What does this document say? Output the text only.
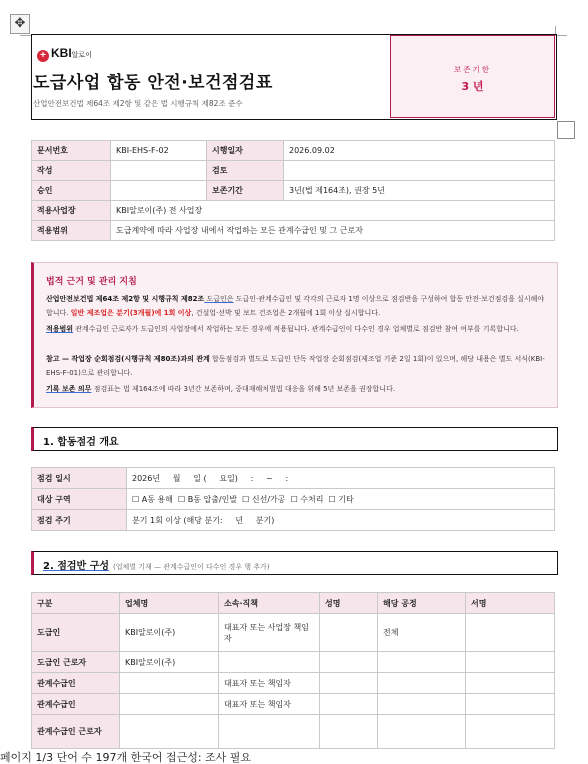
✥
+ KBI알로이
도급사업 합동 안전·보건점검표
산업안전보건법 제64조 제2항 및 같은 법 시행규칙 제82조 준수
보존기한
3 년
문서번호	KBI-EHS-F-02	시행일자	2026.09.02
작성		검토	
승인		보존기간	3년(법 제164조), 권장 5년
적용사업장	KBI알로이(주) 전 사업장		
적용범위	도급계약에 따라 사업장 내에서 작업하는 모든 관계수급인 및 그 근로자		
법적 근거 및 관리 지침
산업안전보건법 제64조 제2항 및 시행규칙 제82조 도급인은 도급인·관계수급인 및 각각의 근로자 1명 이상으로 점검반을 구성하여 합동 안전·보건점검을 실시해야 합니다. 일반 제조업은 분기(3개월)에 1회 이상, 건설업·선박 및 보트 건조업은 2개월에 1회 이상 실시합니다.
적용범위 관계수급인 근로자가 도급인의 사업장에서 작업하는 모든 경우에 적용됩니다. 관계수급인이 다수인 경우 업체별로 점검반 참여 여부를 기록합니다.
참고 — 작업장 순회점검(시행규칙 제80조)과의 관계 합동점검과 별도로 도급인 단독 작업장 순회점검(제조업 기준 2일 1회)이 있으며, 해당 내용은 별도 서식(KBI-EHS-F-01)으로 관리합니다.
기록 보존 의무 점검표는 법 제164조에 따라 3년간 보존하며, 중대재해처벌법 대응을 위해 5년 보존을 권장합니다.
1. 합동점검 개요
점검 일시	2026년     월     일 (     요일)     :     ~     :
대상 구역	☐ A동 용해  ☐ B동 압출/인발  ☐ 신선/가공  ☐ 수처리  ☐ 기타
점검 주기	분기 1회 이상 (해당 분기:     년     분기)
2. 점검반 구성 (업체별 기재 — 관계수급인이 다수인 경우 행 추가)
구분	업체명	소속·직책	성명	해당 공정	서명
도급인	KBI알로이(주)	대표자 또는 사업장 책임자		전체	
도급인 근로자	KBI알로이(주)				
관계수급인		대표자 또는 책임자			
관계수급인		대표자 또는 책임자			
관계수급인 근로자					
페이지 1/3 단어 수 197개 한국어 접근성: 조사 필요
